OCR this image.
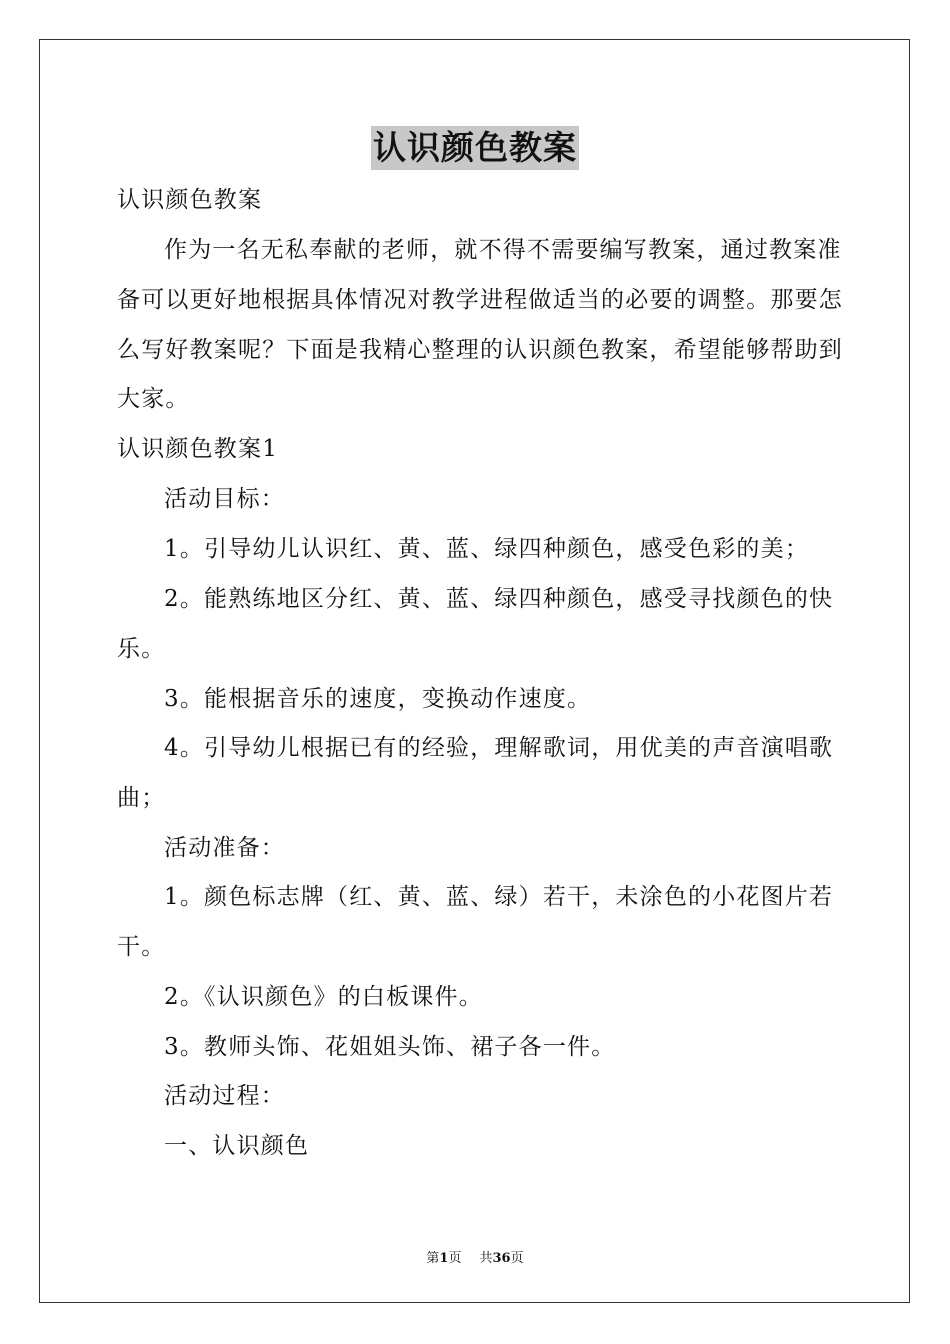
认识颜色教案
认识颜色教案
作为一名无私奉献的老师，就不得不需要编写教案，通过教案准
备可以更好地根据具体情况对教学进程做适当的必要的调整。那要怎
么写好教案呢？下面是我精心整理的认识颜色教案，希望能够帮助到
大家。
认识颜色教案1
活动目标：
1。引导幼儿认识红、黄、蓝、绿四种颜色，感受色彩的美；
2。能熟练地区分红、黄、蓝、绿四种颜色，感受寻找颜色的快
乐。
3。能根据音乐的速度，变换动作速度。
4。引导幼儿根据已有的经验，理解歌词，用优美的声音演唱歌
曲；
活动准备：
1。颜色标志牌（红、黄、蓝、绿）若干，未涂色的小花图片若
干。
2。《认识颜色》的白板课件。
3。教师头饰、花姐姐头饰、裙子各一件。
活动过程：
一、认识颜色
第1页 共36页
